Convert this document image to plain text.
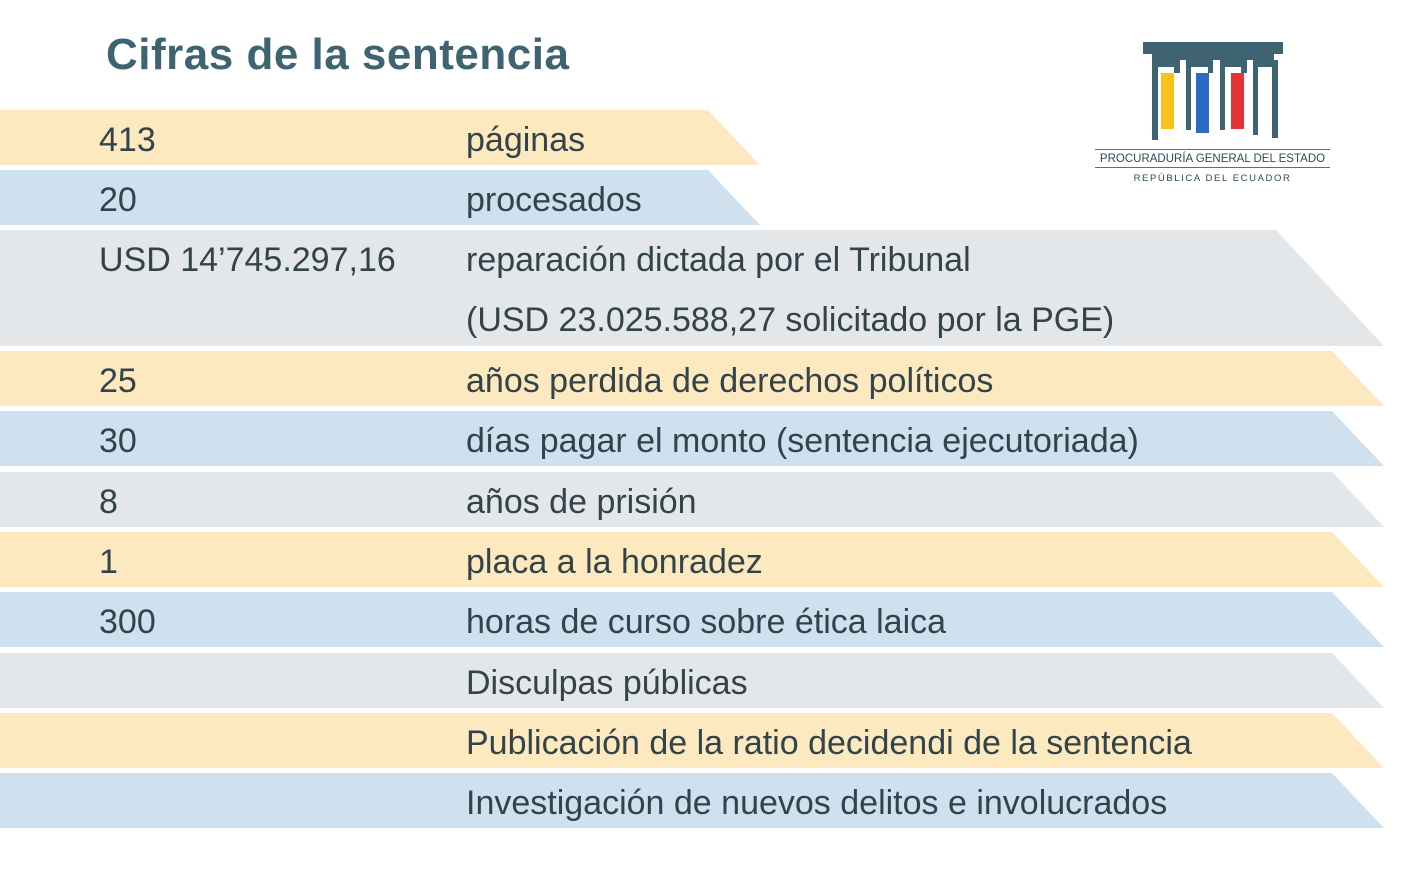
Cifras de la sentencia
PROCURADURÍA GENERAL DEL ESTADO
REPÚBLICA DEL ECUADOR
413	páginas
20	procesados
USD 14’745.297,16 reparación dictada por el Tribunal
(USD 23.025.588,27 solicitado por la PGE)
25	años perdida de derechos políticos
30	días pagar el monto (sentencia ejecutoriada)
8	años de prisión
1	placa a la honradez
300	horas de curso sobre ética laica
Disculpas públicas
Publicación de la ratio decidendi de la sentencia
Investigación de nuevos delitos e involucrados
